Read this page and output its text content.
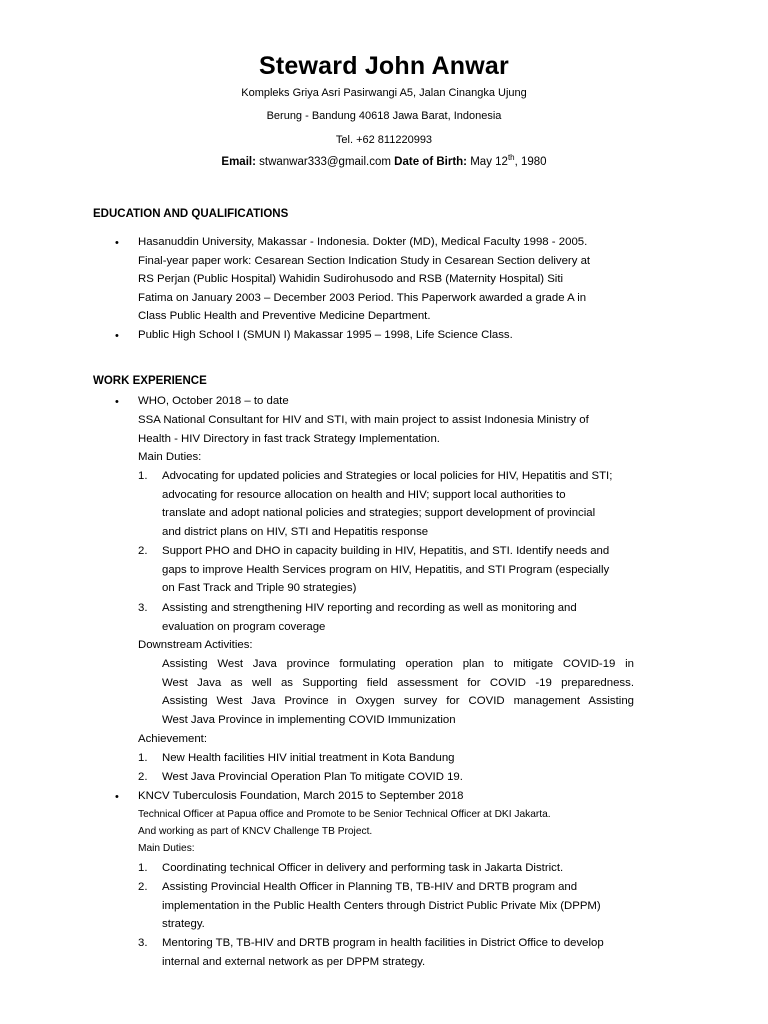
Steward John Anwar
Kompleks Griya Asri Pasirwangi A5, Jalan Cinangka Ujung
Berung - Bandung 40618 Jawa Barat, Indonesia
Tel. +62 811220993
Email: stwanwar333@gmail.com Date of Birth: May 12th, 1980
EDUCATION AND QUALIFICATIONS
• Hasanuddin University, Makassar - Indonesia. Dokter (MD), Medical Faculty 1998 - 2005.
Final-year paper work: Cesarean Section Indication Study in Cesarean Section delivery at
RS Perjan (Public Hospital) Wahidin Sudirohusodo and RSB (Maternity Hospital) Siti
Fatima on January 2003 – December 2003 Period. This Paperwork awarded a grade A in
Class Public Health and Preventive Medicine Department.
• Public High School I (SMUN I) Makassar 1995 – 1998, Life Science Class.
WORK EXPERIENCE
• WHO, October 2018 – to date
SSA National Consultant for HIV and STI, with main project to assist Indonesia Ministry of
Health - HIV Directory in fast track Strategy Implementation.
Main Duties:
1. Advocating for updated policies and Strategies or local policies for HIV, Hepatitis and STI;
advocating for resource allocation on health and HIV; support local authorities to
translate and adopt national policies and strategies; support development of provincial
and district plans on HIV, STI and Hepatitis response
2. Support PHO and DHO in capacity building in HIV, Hepatitis, and STI. Identify needs and
gaps to improve Health Services program on HIV, Hepatitis, and STI Program (especially
on Fast Track and Triple 90 strategies)
3. Assisting and strengthening HIV reporting and recording as well as monitoring and
evaluation on program coverage
Downstream Activities:
Assisting West Java province formulating operation plan to mitigate COVID-19 in
West Java as well as Supporting field assessment for COVID -19 preparedness.
Assisting West Java Province in Oxygen survey for COVID management Assisting
West Java Province in implementing COVID Immunization
Achievement:
1. New Health facilities HIV initial treatment in Kota Bandung
2. West Java Provincial Operation Plan To mitigate COVID 19.
• KNCV Tuberculosis Foundation, March 2015 to September 2018
Technical Officer at Papua office and Promote to be Senior Technical Officer at DKI Jakarta.
And working as part of KNCV Challenge TB Project.
Main Duties:
1. Coordinating technical Officer in delivery and performing task in Jakarta District.
2. Assisting Provincial Health Officer in Planning TB, TB-HIV and DRTB program and
implementation in the Public Health Centers through District Public Private Mix (DPPM)
strategy.
3. Mentoring TB, TB-HIV and DRTB program in health facilities in District Office to develop
internal and external network as per DPPM strategy.
